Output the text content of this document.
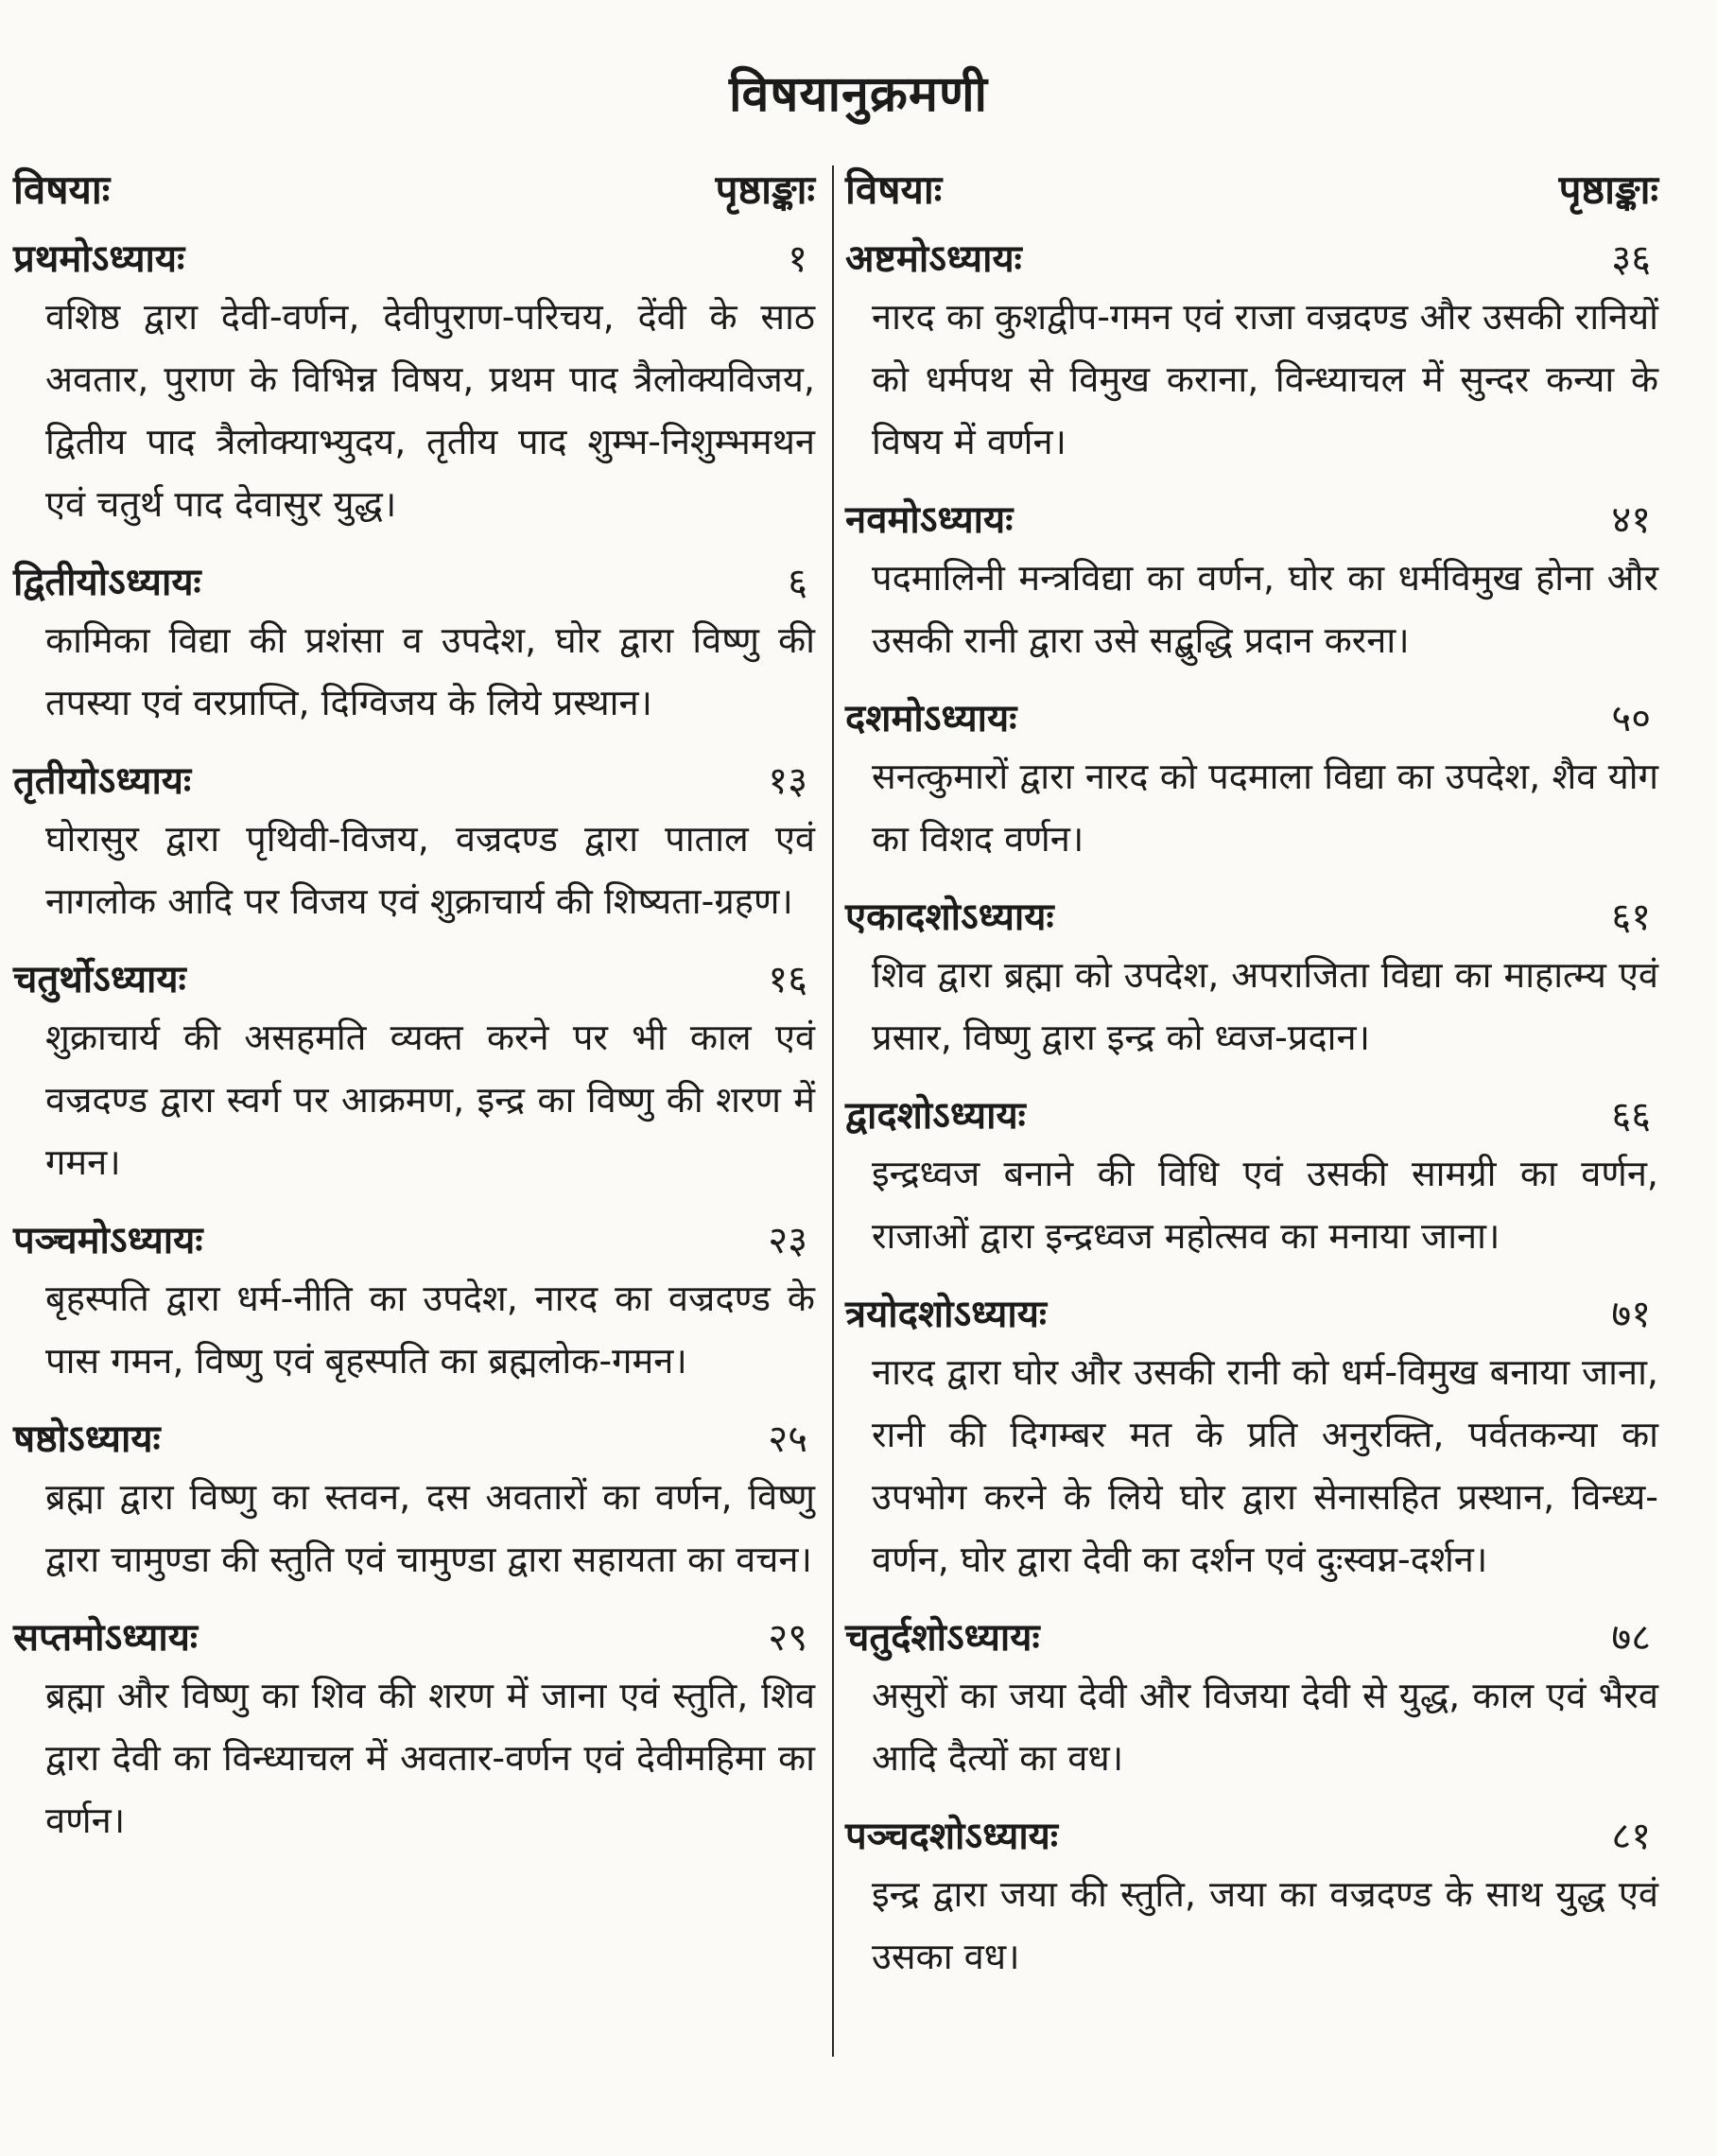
विषयानुक्रमणी
विषयाः	पृष्ठाङ्काः
प्रथमोऽध्यायः	१

वशिष्ठ द्वारा देवी-वर्णन, देवीपुराण-परिचय, देंवी के साठ अवतार, पुराण के विभिन्न विषय, प्रथम पाद त्रैलोक्यविजय, द्वितीय पाद त्रैलोक्याभ्युदय, तृतीय पाद शुम्भ-निशुम्भमथन एवं चतुर्थ पाद देवासुर युद्ध।

द्वितीयोऽध्यायः	६

कामिका विद्या की प्रशंसा व उपदेश, घोर द्वारा विष्णु की तपस्या एवं वरप्राप्ति, दिग्विजय के लिये प्रस्थान।

तृतीयोऽध्यायः	१३

घोरासुर द्वारा पृथिवी-विजय, वज्रदण्ड द्वारा पाताल एवं नागलोक आदि पर विजय एवं शुक्राचार्य की शिष्यता-ग्रहण।

चतुर्थोऽध्यायः	१६

शुक्राचार्य की असहमति व्यक्त करने पर भी काल एवं वज्रदण्ड द्वारा स्वर्ग पर आक्रमण, इन्द्र का विष्णु की शरण में गमन।

पञ्चमोऽध्यायः	२३

बृहस्पति द्वारा धर्म-नीति का उपदेश, नारद का वज्रदण्ड के पास गमन, विष्णु एवं बृहस्पति का ब्रह्मलोक-गमन।

षष्ठोऽध्यायः	२५

ब्रह्मा द्वारा विष्णु का स्तवन, दस अवतारों का वर्णन, विष्णु द्वारा चामुण्डा की स्तुति एवं चामुण्डा द्वारा सहायता का वचन।

सप्तमोऽध्यायः	२९

ब्रह्मा और विष्णु का शिव की शरण में जाना एवं स्तुति, शिव द्वारा देवी का विन्ध्याचल में अवतार-वर्णन एवं देवीमहिमा का वर्णन।

विषयाः	पृष्ठाङ्काः
अष्टमोऽध्यायः	३६

नारद का कुशद्वीप-गमन एवं राजा वज्रदण्ड और उसकी रानियों को धर्मपथ से विमुख कराना, विन्ध्याचल में सुन्दर कन्या के विषय में वर्णन।

नवमोऽध्यायः	४१

पदमालिनी मन्त्रविद्या का वर्णन, घोर का धर्मविमुख होना और उसकी रानी द्वारा उसे सद्बुद्धि प्रदान करना।

दशमोऽध्यायः	५०

सनत्कुमारों द्वारा नारद को पदमाला विद्या का उपदेश, शैव योग का विशद वर्णन।

एकादशोऽध्यायः	६१

शिव द्वारा ब्रह्मा को उपदेश, अपराजिता विद्या का माहात्म्य एवं प्रसार, विष्णु द्वारा इन्द्र को ध्वज-प्रदान।

द्वादशोऽध्यायः	६६

इन्द्रध्वज बनाने की विधि एवं उसकी सामग्री का वर्णन, राजाओं द्वारा इन्द्रध्वज महोत्सव का मनाया जाना।

त्रयोदशोऽध्यायः	७१

नारद द्वारा घोर और उसकी रानी को धर्म-विमुख बनाया जाना, रानी की दिगम्बर मत के प्रति अनुरक्ति, पर्वतकन्या का उपभोग करने के लिये घोर द्वारा सेनासहित प्रस्थान, विन्ध्य-वर्णन, घोर द्वारा देवी का दर्शन एवं दुःस्वप्न-दर्शन।

चतुर्दशोऽध्यायः	७८

असुरों का जया देवी और विजया देवी से युद्ध, काल एवं भैरव आदि दैत्यों का वध।

पञ्चदशोऽध्यायः	८१

इन्द्र द्वारा जया की स्तुति, जया का वज्रदण्ड के साथ युद्ध एवं उसका वध।
